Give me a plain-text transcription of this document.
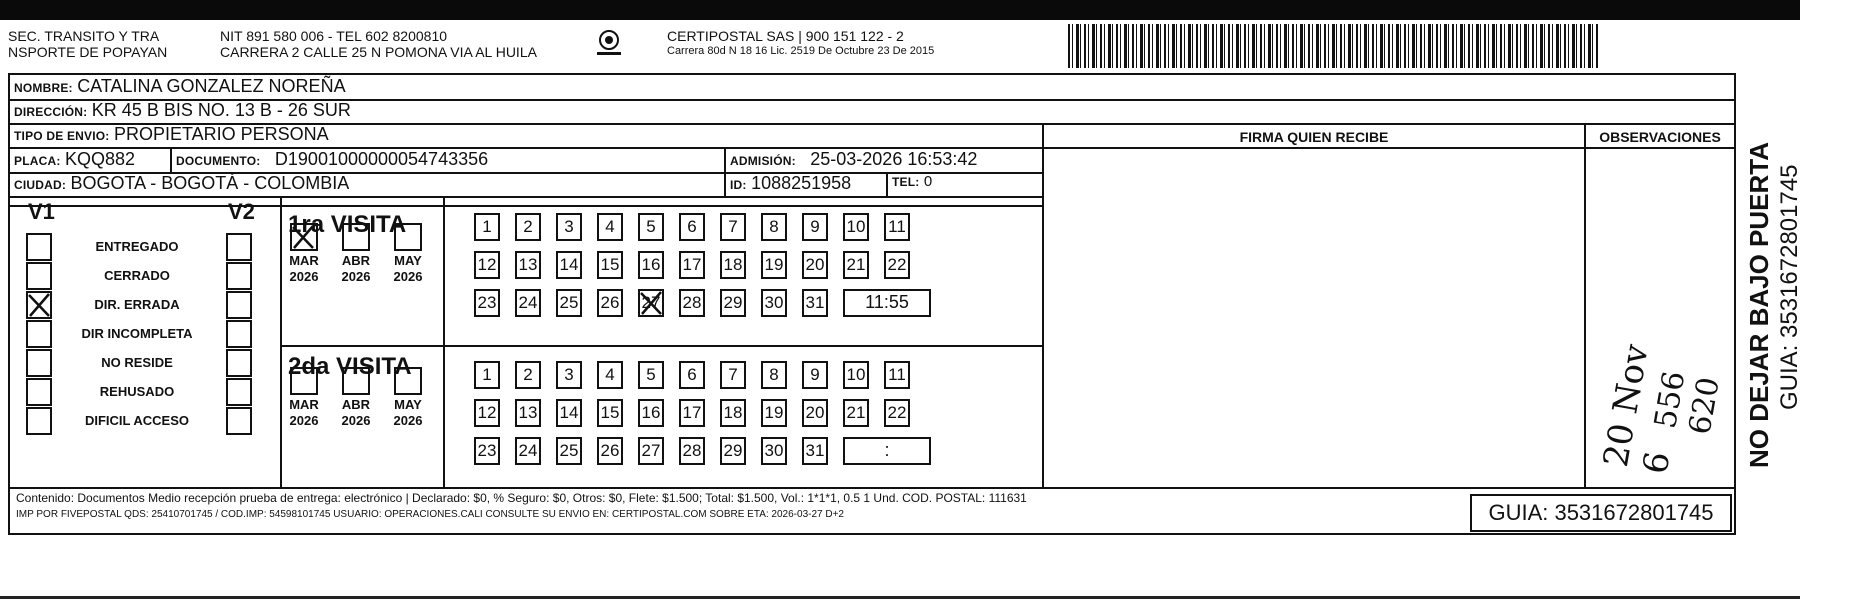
SEC. TRANSITO Y TRA
NSPORTE DE POPAYAN
NIT 891 580 006 - TEL 602 8200810
CARRERA 2 CALLE 25 N POMONA VIA AL HUILA
CERTIPOSTAL SAS | 900 151 122 - 2
Carrera 80d N 18 16 Lic. 2519 De Octubre 23 De 2015
NOMBRE: CATALINA GONZALEZ NOREÑA
DIRECCIÓN: KR 45 B BIS NO. 13 B - 26 SUR
TIPO DE ENVIO: PROPIETARIO PERSONA	FIRMA QUIEN RECIBE	OBSERVACIONES
PLACA: KQQ882	DOCUMENTO: D19001000000054743356	ADMISIÓN: 25-03-2026 16:53:42
CIUDAD: BOGOTA - BOGOTÁ - COLOMBIA	ID: 1088251958	TEL: 0
V1	V2
ENTREGADO
CERRADO
DIR. ERRADA
DIR INCOMPLETA
NO RESIDE
REHUSADO
DIFICIL ACCESO
1ra VISITA
MAR
2026
ABR
2026
MAY
2026
1	2	3	4	5	6	7	8	9	10 11
12 13 14 15 16 17 18 19 20 21 22
23 24 25 26 27 28 29 30 31	11:55
2da VISITA
MAR
2026
ABR
2026
MAY
2026
1	2	3	4	5	6	7	8	9	10 11
12 13 14 15 16 17 18 19 20 21 22
23 24 25 26 27 28 29 30 31	:	20 Nov 6
556 620
Contenido: Documentos Medio recepción prueba de entrega: electrónico | Declarado: $0, % Seguro: $0, Otros: $0, Flete: $1.500; Total: $1.500, Vol.: 1*1*1, 0.5 1 Und. COD. POSTAL: 111631
IMP POR FIVEPOSTAL QDS: 25410701745 / COD.IMP: 54598101745 USUARIO: OPERACIONES.CALI CONSULTE SU ENVIO EN: CERTIPOSTAL.COM SOBRE ETA: 2026-03-27 D+2	GUIA: 3531672801745
NO DEJAR BAJO PUERTA GUIA: 3531672801745
